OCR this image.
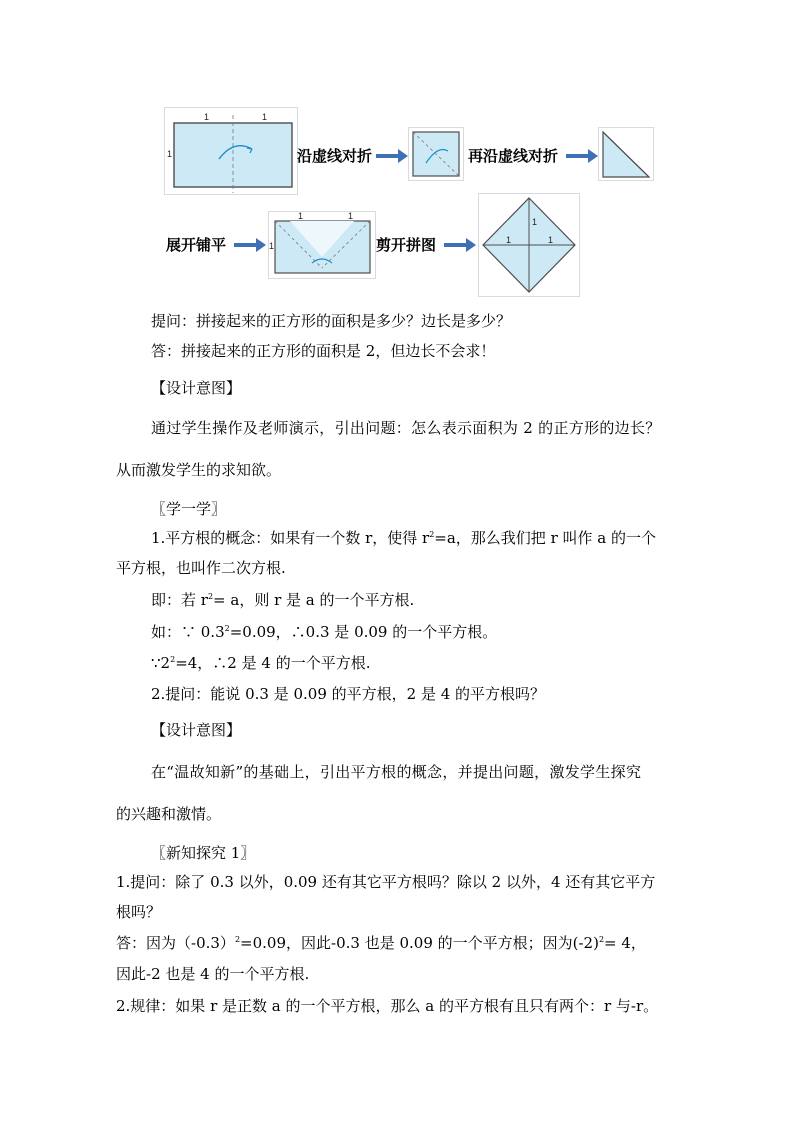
1	1
1	沿虚线对折	再沿虚线对折
展开铺平
1	1
1	剪开拼图	1	1
1
提问：拼接起来的正方形的面积是多少？边长是多少？
答：拼接起来的正方形的面积是 2，但边长不会求！
【设计意图】
通过学生操作及老师演示，引出问题：怎么表示面积为 2 的正方形的边长？
从而激发学生的求知欲。
〖学一学〗
1.平方根的概念：如果有一个数 r，使得 $r^2=a$，那么我们把 r 叫作 a 的一个
平方根，也叫作二次方根.
即：若 $r^2= a$，则 r 是 a 的一个平方根.
如：∵ $0.3^2=0.09$，∴0.3 是 0.09 的一个平方根。
$\because 2^2=4$，∴2 是 4 的一个平方根.
2.提问：能说 0.3 是 0.09 的平方根，2 是 4 的平方根吗？
【设计意图】
在“温故知新”的基础上，引出平方根的概念，并提出问题，激发学生探究
的兴趣和激情。
〖新知探究 1〗
1.提问：除了 0.3 以外，0.09 还有其它平方根吗？除以 2 以外，4 还有其它平方
根吗？
答：因为$(-0.3)^2=0.09$，因此-0.3 也是 0.09 的一个平方根；因为$(-2)^2= 4$，
因此-2 也是 4 的一个平方根.
2.规律：如果 r 是正数 a 的一个平方根，那么 a 的平方根有且只有两个：r 与-r。
